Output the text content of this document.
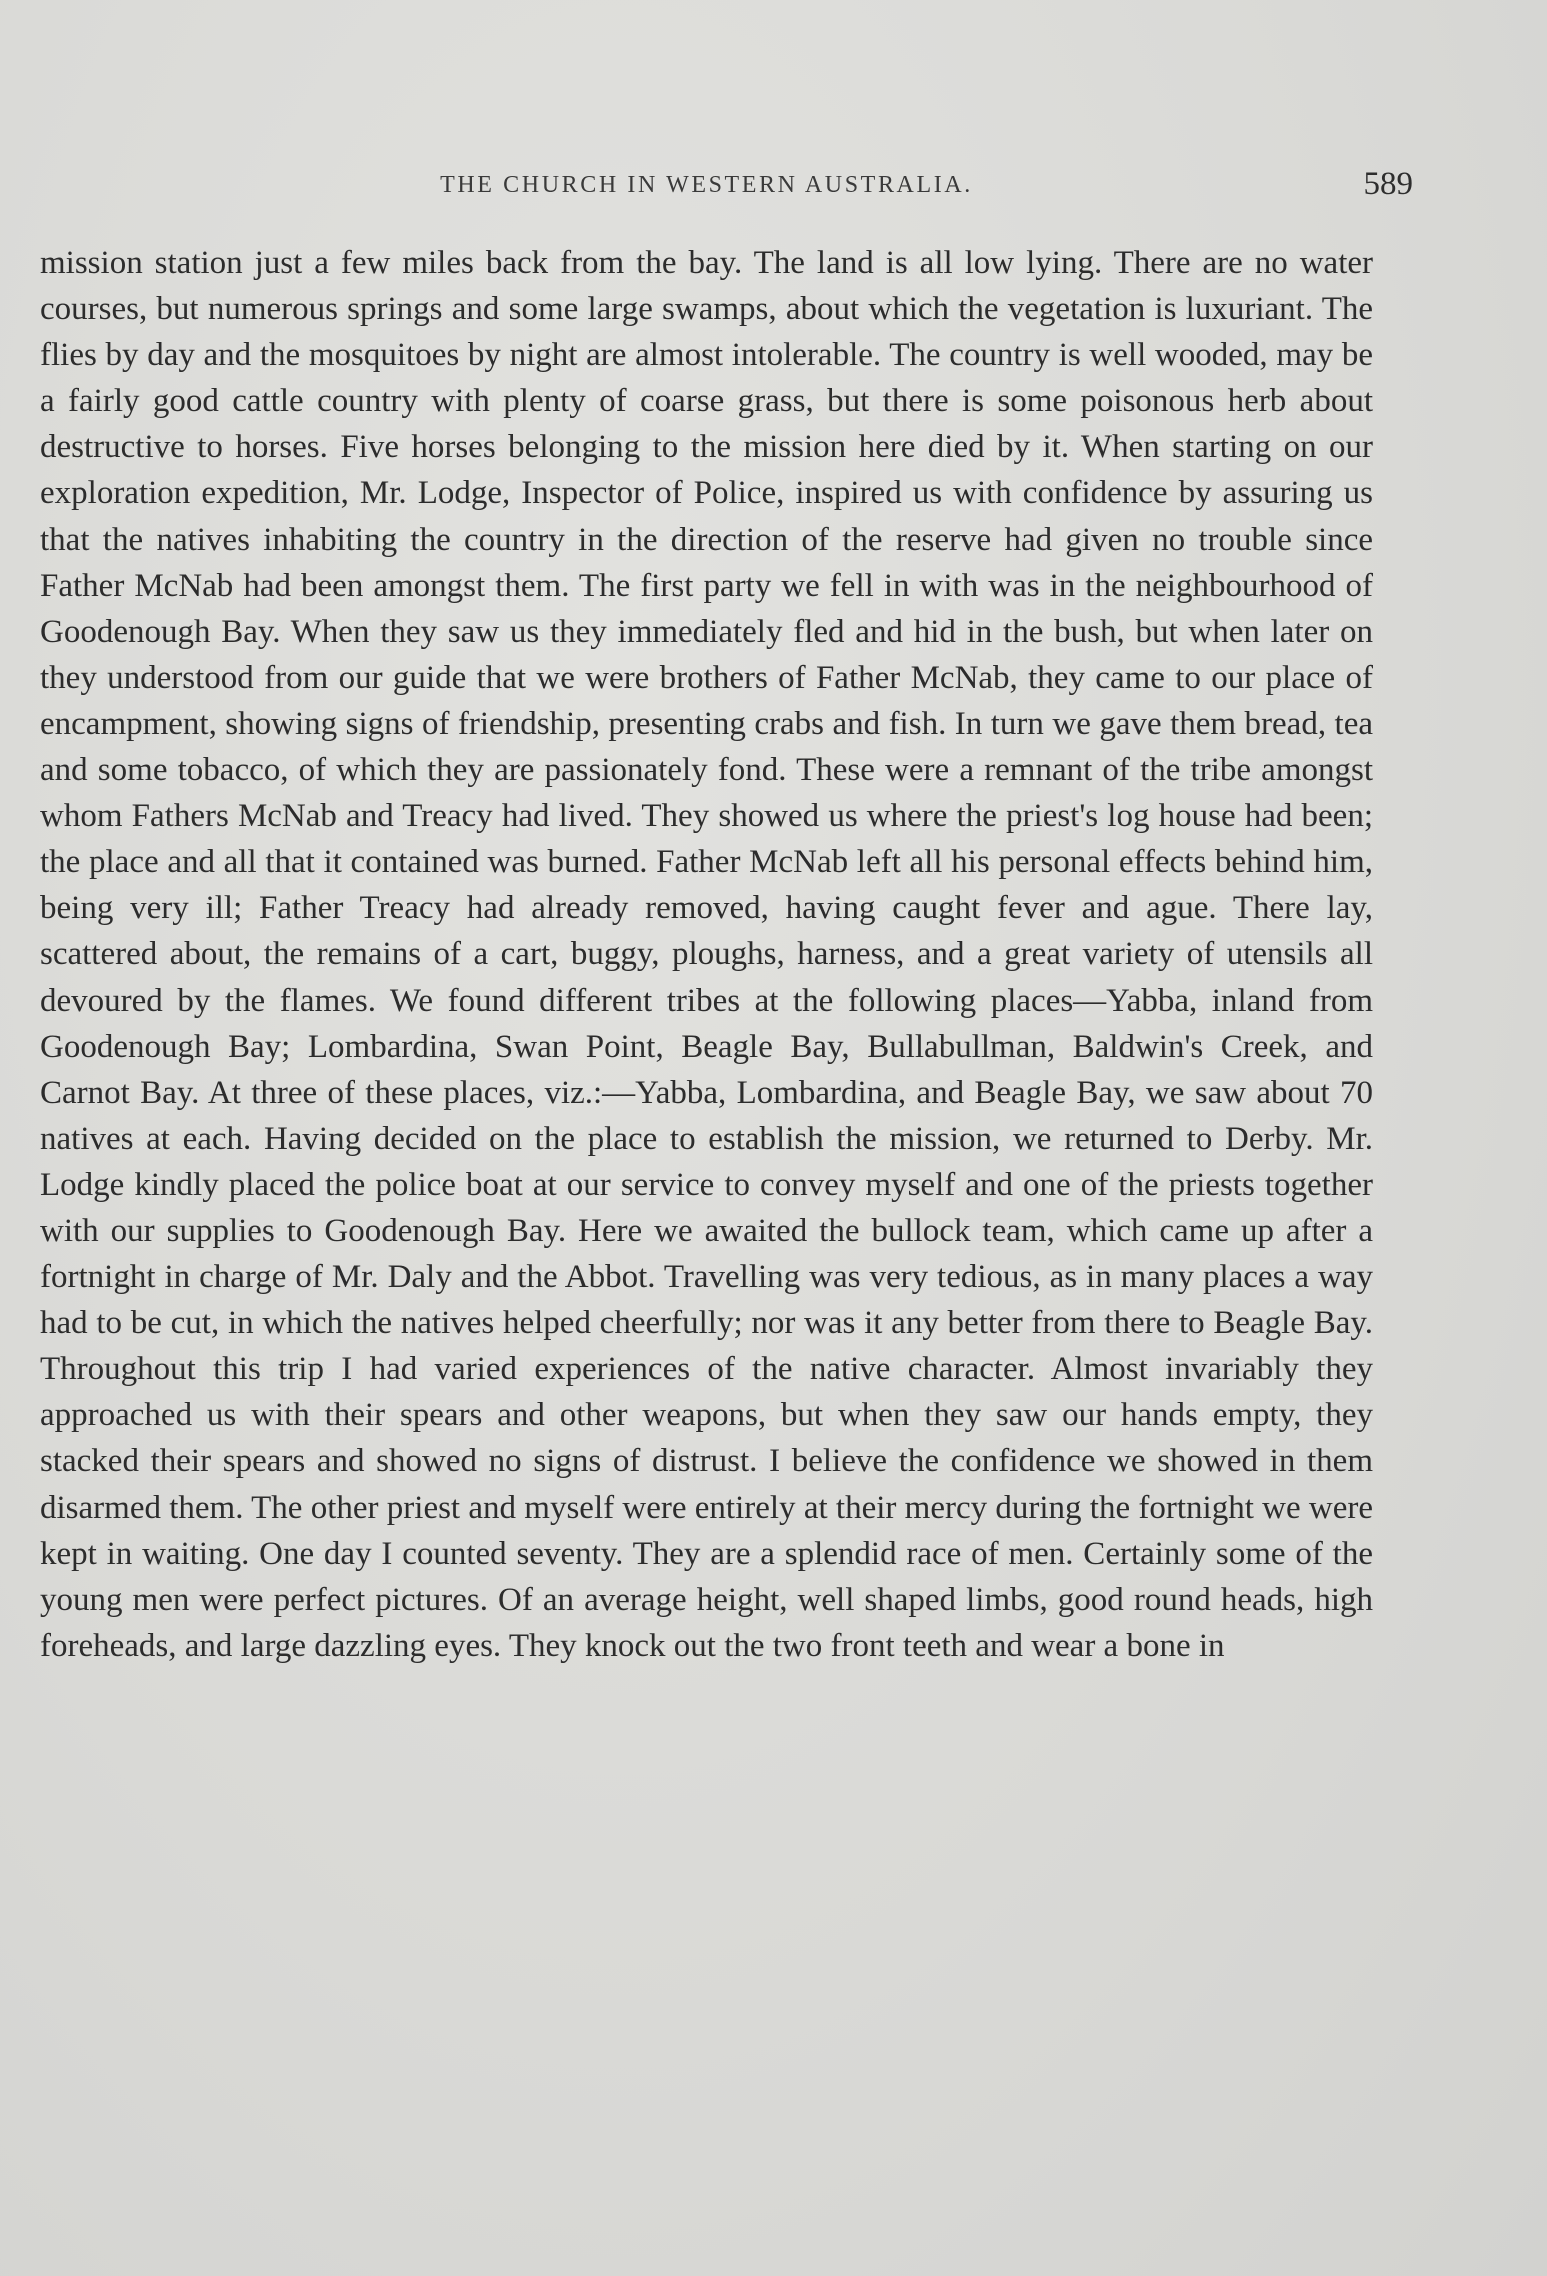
THE CHURCH IN WESTERN AUSTRALIA.	589

mission station just a few miles back from the bay. The land is all low lying. There are no water courses, but numerous springs and some large swamps, about which the vegetation is luxuriant. The flies by day and the mosquitoes by night are almost intolerable. The country is well wooded, may be a fairly good cattle country with plenty of coarse grass, but there is some poisonous herb about destructive to horses. Five horses belonging to the mission here died by it. When starting on our exploration expedition, Mr. Lodge, Inspector of Police, inspired us with confidence by assuring us that the natives inhabiting the country in the direction of the reserve had given no trouble since Father McNab had been amongst them. The first party we fell in with was in the neighbourhood of Goodenough Bay. When they saw us they immediately fled and hid in the bush, but when later on they understood from our guide that we were brothers of Father McNab, they came to our place of encampment, showing signs of friendship, presenting crabs and fish. In turn we gave them bread, tea and some tobacco, of which they are passionately fond. These were a remnant of the tribe amongst whom Fathers McNab and Treacy had lived. They showed us where the priest's log house had been; the place and all that it contained was burned. Father McNab left all his personal effects behind him, being very ill; Father Treacy had already removed, having caught fever and ague. There lay, scattered about, the remains of a cart, buggy, ploughs, harness, and a great variety of utensils all devoured by the flames. We found different tribes at the following places—Yabba, inland from Goodenough Bay; Lombardina, Swan Point, Beagle Bay, Bullabullman, Baldwin's Creek, and Carnot Bay. At three of these places, viz.:—Yabba, Lombardina, and Beagle Bay, we saw about 70 natives at each. Having decided on the place to establish the mission, we returned to Derby. Mr. Lodge kindly placed the police boat at our service to convey myself and one of the priests together with our supplies to Goodenough Bay. Here we awaited the bullock team, which came up after a fortnight in charge of Mr. Daly and the Abbot. Travelling was very tedious, as in many places a way had to be cut, in which the natives helped cheerfully; nor was it any better from there to Beagle Bay. Throughout this trip I had varied experiences of the native character. Almost invariably they approached us with their spears and other weapons, but when they saw our hands empty, they stacked their spears and showed no signs of distrust. I believe the confidence we showed in them disarmed them. The other priest and myself were entirely at their mercy during the fortnight we were kept in waiting. One day I counted seventy. They are a splendid race of men. Certainly some of the young men were perfect pictures. Of an average height, well shaped limbs, good round heads, high foreheads, and large dazzling eyes. They knock out the two front teeth and wear a bone in
